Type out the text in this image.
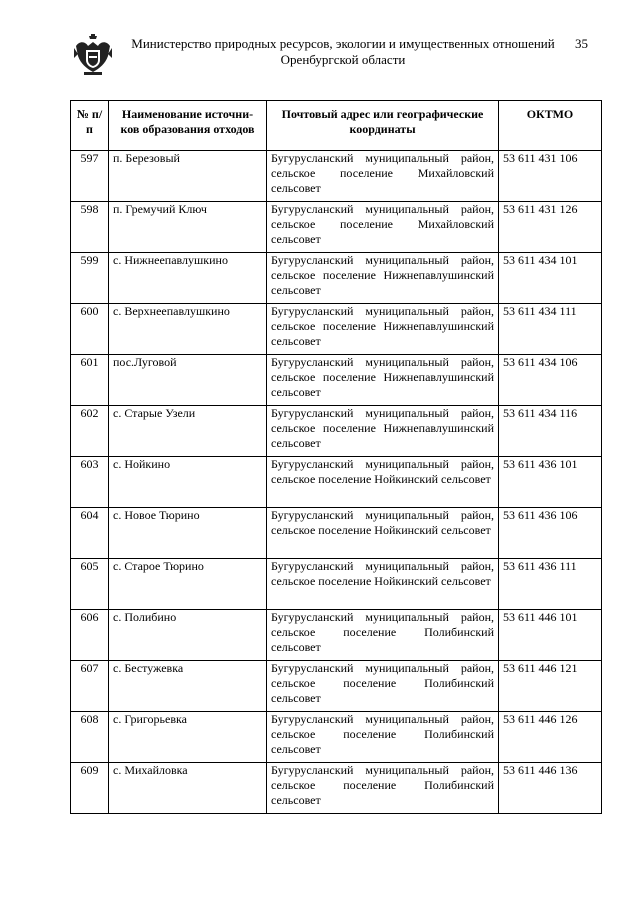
Министерство природных ресурсов, экологии и имущественных отношений
Оренбургской области
35
№ п/п	Наименование источни-ков образования отходов	Почтовый адрес или географические координаты	ОКТМО
597	п. Березовый	Бугурусланский муниципальный район, сельское поселение Михайловский сельсовет	53 611 431 106
598	п. Гремучий Ключ	Бугурусланский муниципальный район, сельское поселение Михайловский сельсовет	53 611 431 126
599	с. Нижнеепавлушкино	Бугурусланский муниципальный район, сельское поселение Нижнепавлушинский сельсовет	53 611 434 101
600	с. Верхнеепавлушкино	Бугурусланский муниципальный район, сельское поселение Нижнепавлушинский сельсовет	53 611 434 111
601	пос.Луговой	Бугурусланский муниципальный район, сельское поселение Нижнепавлушинский сельсовет	53 611 434 106
602	с. Старые Узели	Бугурусланский муниципальный район, сельское поселение Нижнепавлушинский сельсовет	53 611 434 116
603	с. Нойкино	Бугурусланский муниципальный район, сельское поселение Нойкинский сельсовет	53 611 436 101
604	с. Новое Тюрино	Бугурусланский муниципальный район, сельское поселение Нойкинский сельсовет	53 611 436 106
605	с. Старое Тюрино	Бугурусланский муниципальный район, сельское поселение Нойкинский сельсовет	53 611 436 111
606	с. Полибино	Бугурусланский муниципальный район, сельское поселение Полибинский сельсовет	53 611 446 101
607	с. Бестужевка	Бугурусланский муниципальный район, сельское поселение Полибинский сельсовет	53 611 446 121
608	с. Григорьевка	Бугурусланский муниципальный район, сельское поселение Полибинский сельсовет	53 611 446 126
609	с. Михайловка	Бугурусланский муниципальный район, сельское поселение Полибинский сельсовет	53 611 446 136
